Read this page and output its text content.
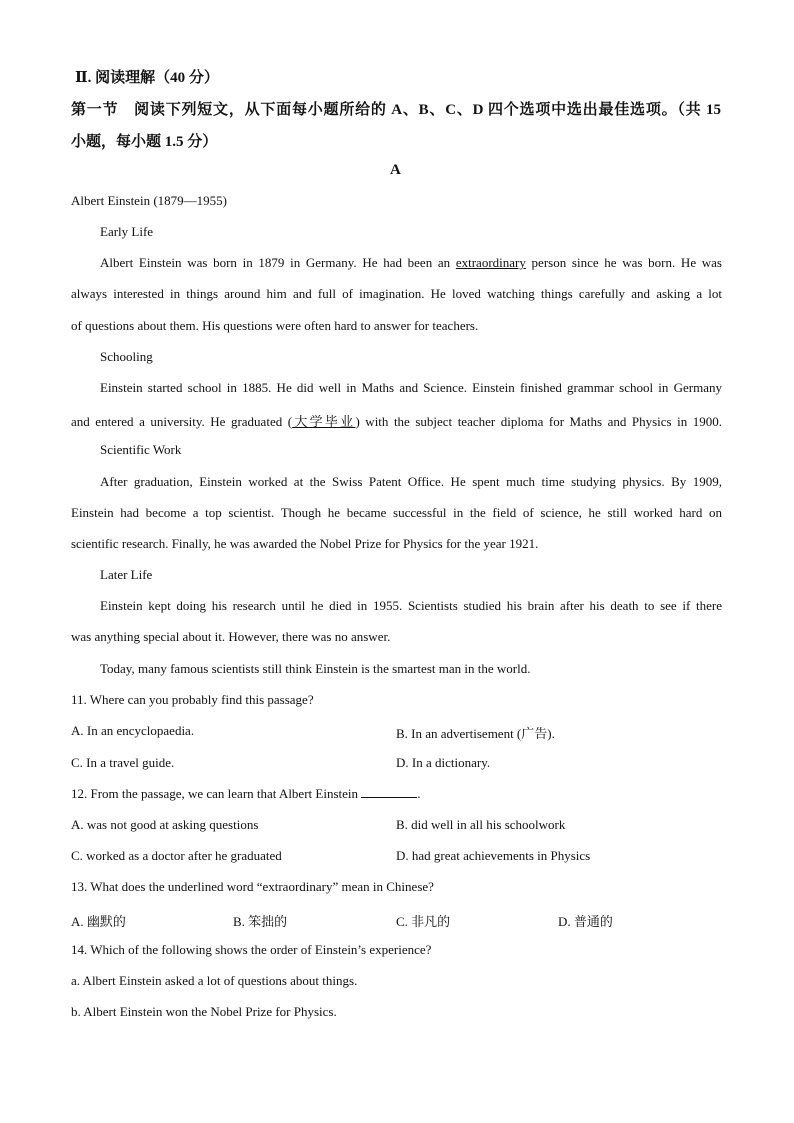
Ⅱ. 阅读理解（40 分）
第一节　阅读下列短文，从下面每小题所给的 A、B、C、D 四个选项中选出最佳选项。（共 15
小题，每小题 1.5 分）
A
Albert Einstein (1879—1955)
Early Life
Albert Einstein was born in 1879 in Germany. He had been an extraordinary person since he was born. He was
always interested in things around him and full of imagination. He loved watching things carefully and asking a lot
of questions about them. His questions were often hard to answer for teachers.
Schooling
Einstein started school in 1885. He did well in Maths and Science. Einstein finished grammar school in Germany
and entered a university. He graduated (大学毕业) with the subject teacher diploma for Maths and Physics in 1900.
Scientific Work
After graduation, Einstein worked at the Swiss Patent Office. He spent much time studying physics. By 1909,
Einstein had become a top scientist. Though he became successful in the field of science, he still worked hard on
scientific research. Finally, he was awarded the Nobel Prize for Physics for the year 1921.
Later Life
Einstein kept doing his research until he died in 1955. Scientists studied his brain after his death to see if there
was anything special about it. However, there was no answer.
Today, many famous scientists still think Einstein is the smartest man in the world.
11. Where can you probably find this passage?
A. In an encyclopaedia.	B. In an advertisement (广告).
C. In a travel guide.	D. In a dictionary.
12. From the passage, we can learn that Albert Einstein	.
A. was not good at asking questions	B. did well in all his schoolwork
C. worked as a doctor after he graduated	D. had great achievements in Physics
13. What does the underlined word “extraordinary” mean in Chinese?
A. 幽默的	B. 笨拙的	C. 非凡的	D. 普通的
14. Which of the following shows the order of Einstein’s experience?
a. Albert Einstein asked a lot of questions about things.
b. Albert Einstein won the Nobel Prize for Physics.
